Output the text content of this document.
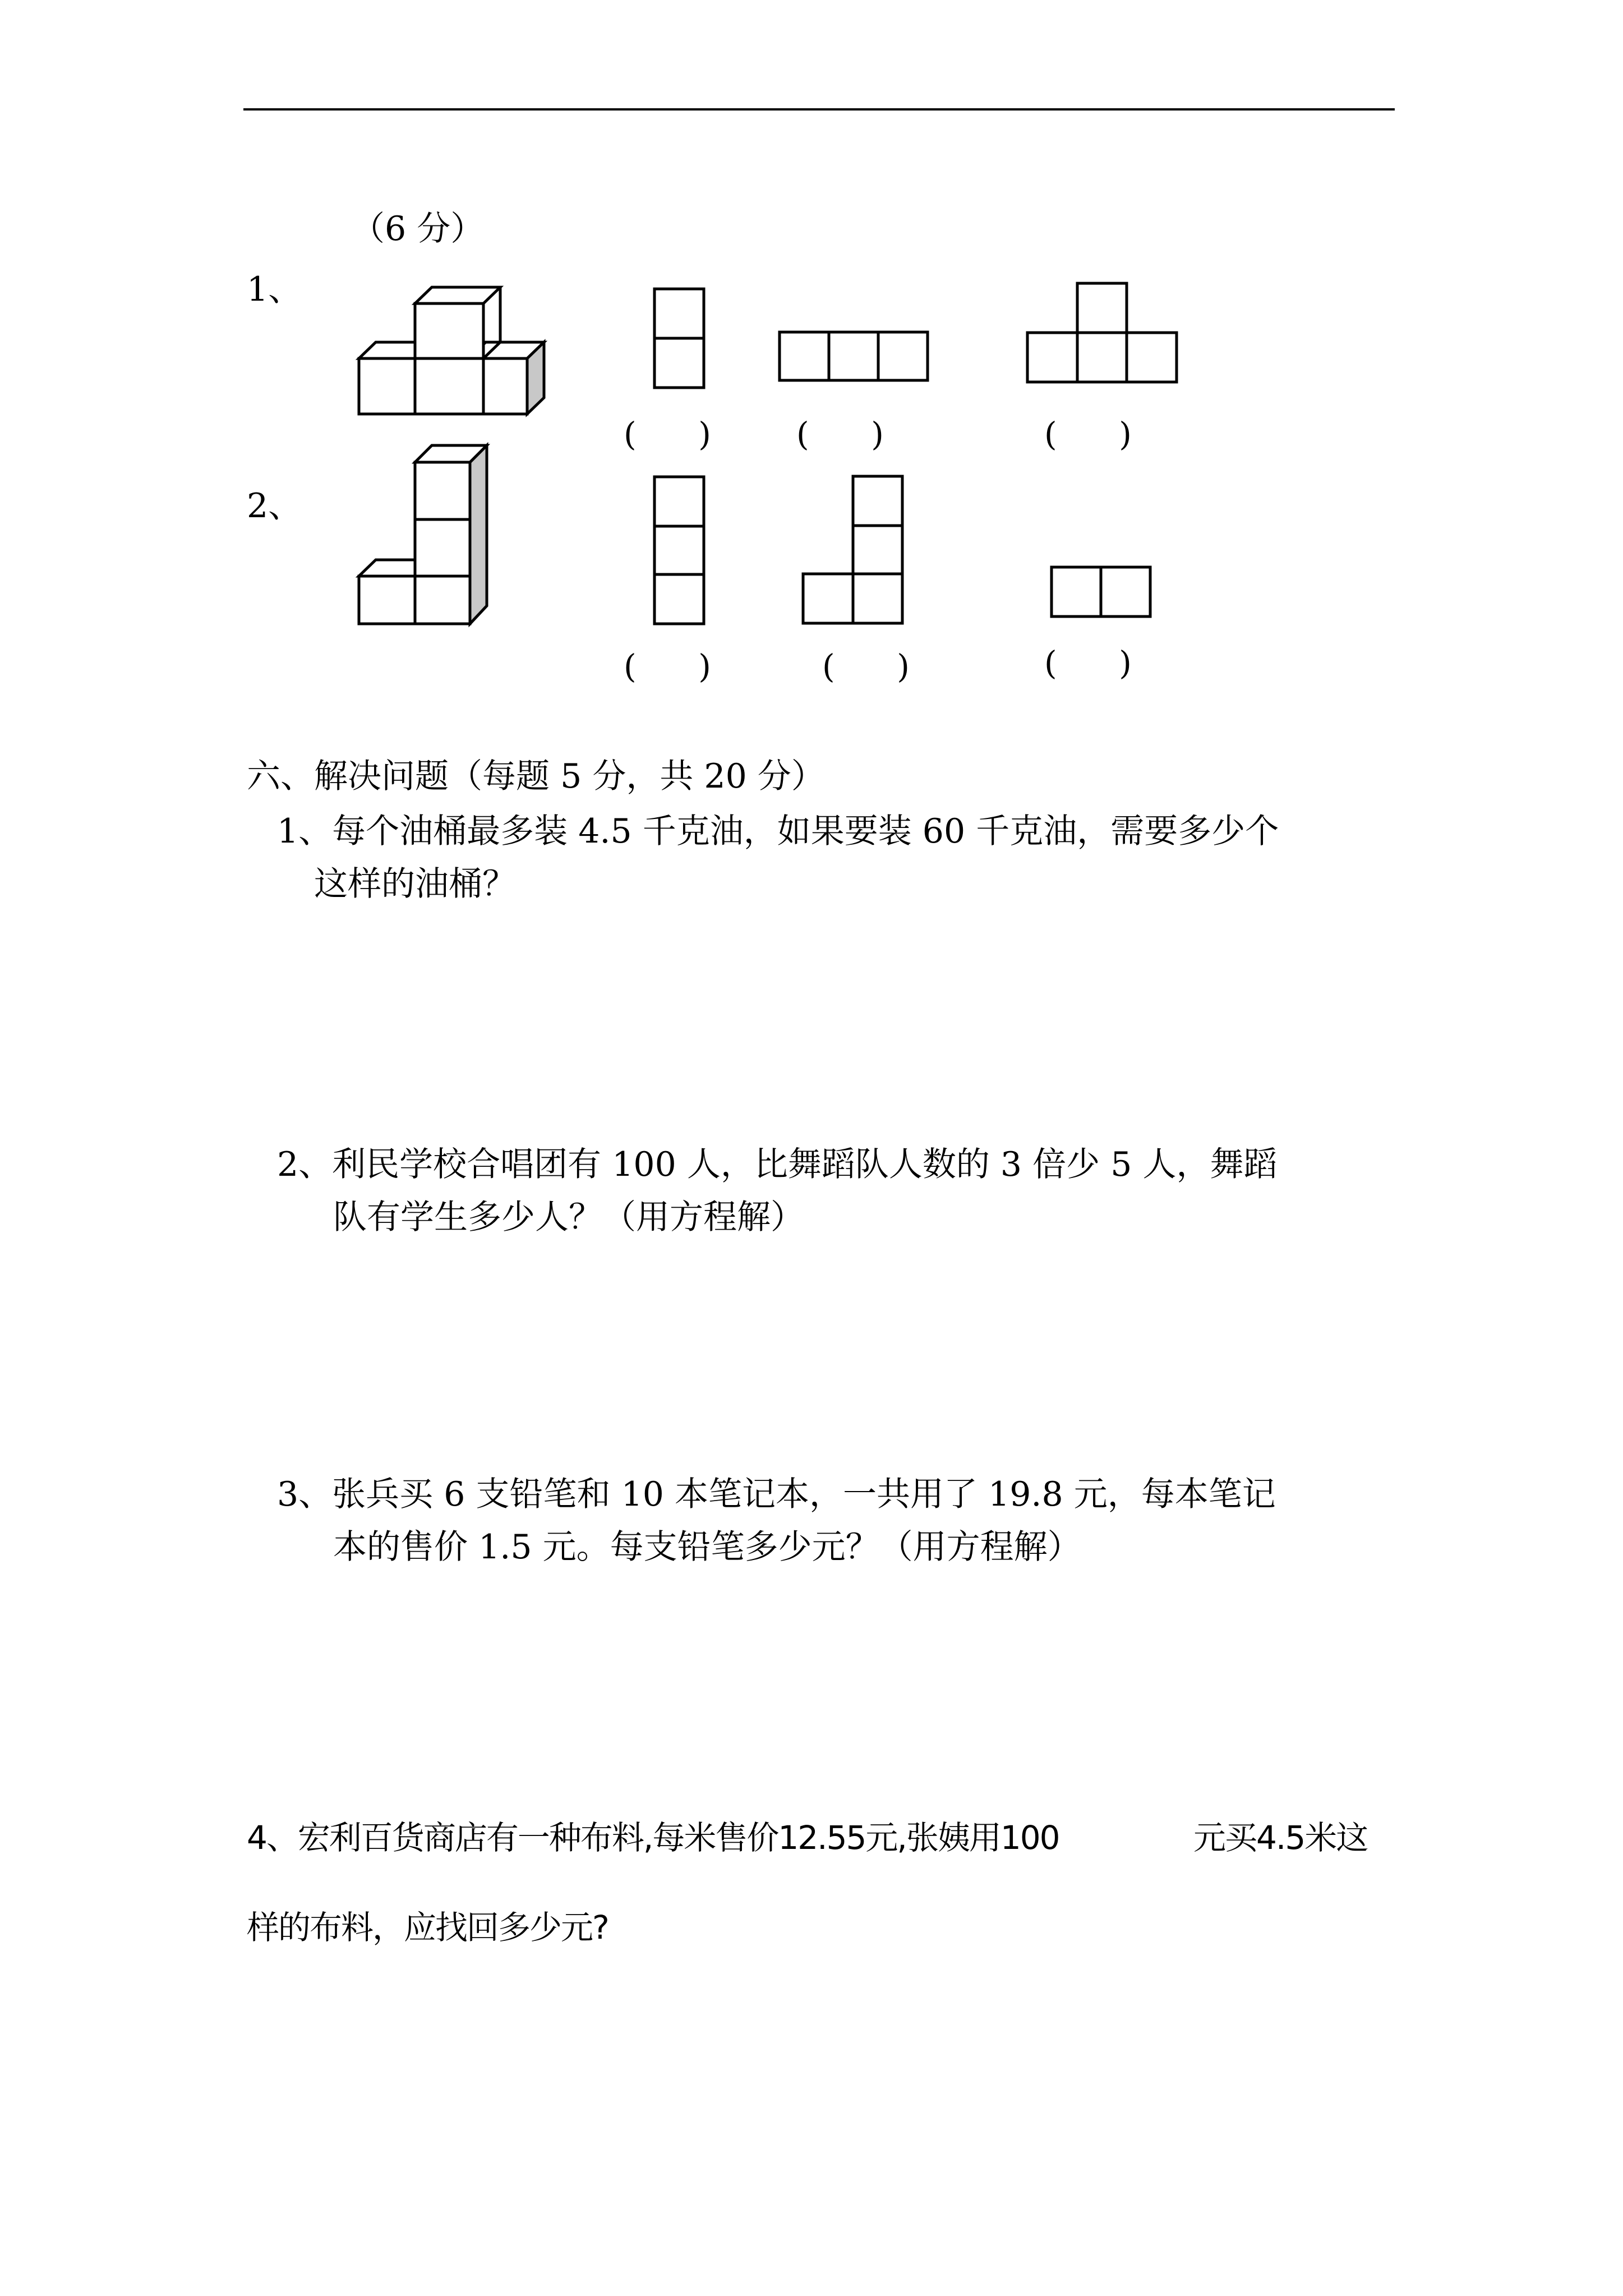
（6 分）
1、
(      )	(      )	(      )
2、
(      )	(      )	(      )
六、解决问题（每题 5 分，共 20 分）
1、每个油桶最多装 4.5 千克油，如果要装 60 千克油，需要多少个
这样的油桶？
2、利民学校合唱团有 100 人，比舞蹈队人数的 3 倍少 5 人，舞蹈
队有学生多少人？（用方程解）
3、张兵买 6 支铅笔和 10 本笔记本，一共用了 19.8 元，每本笔记
本的售价 1.5 元。每支铅笔多少元？（用方程解）
4、宏利百货商店有一种布料,每米售价12.55元,张姨用100	元买4.5米这
样的布料，应找回多少元?
